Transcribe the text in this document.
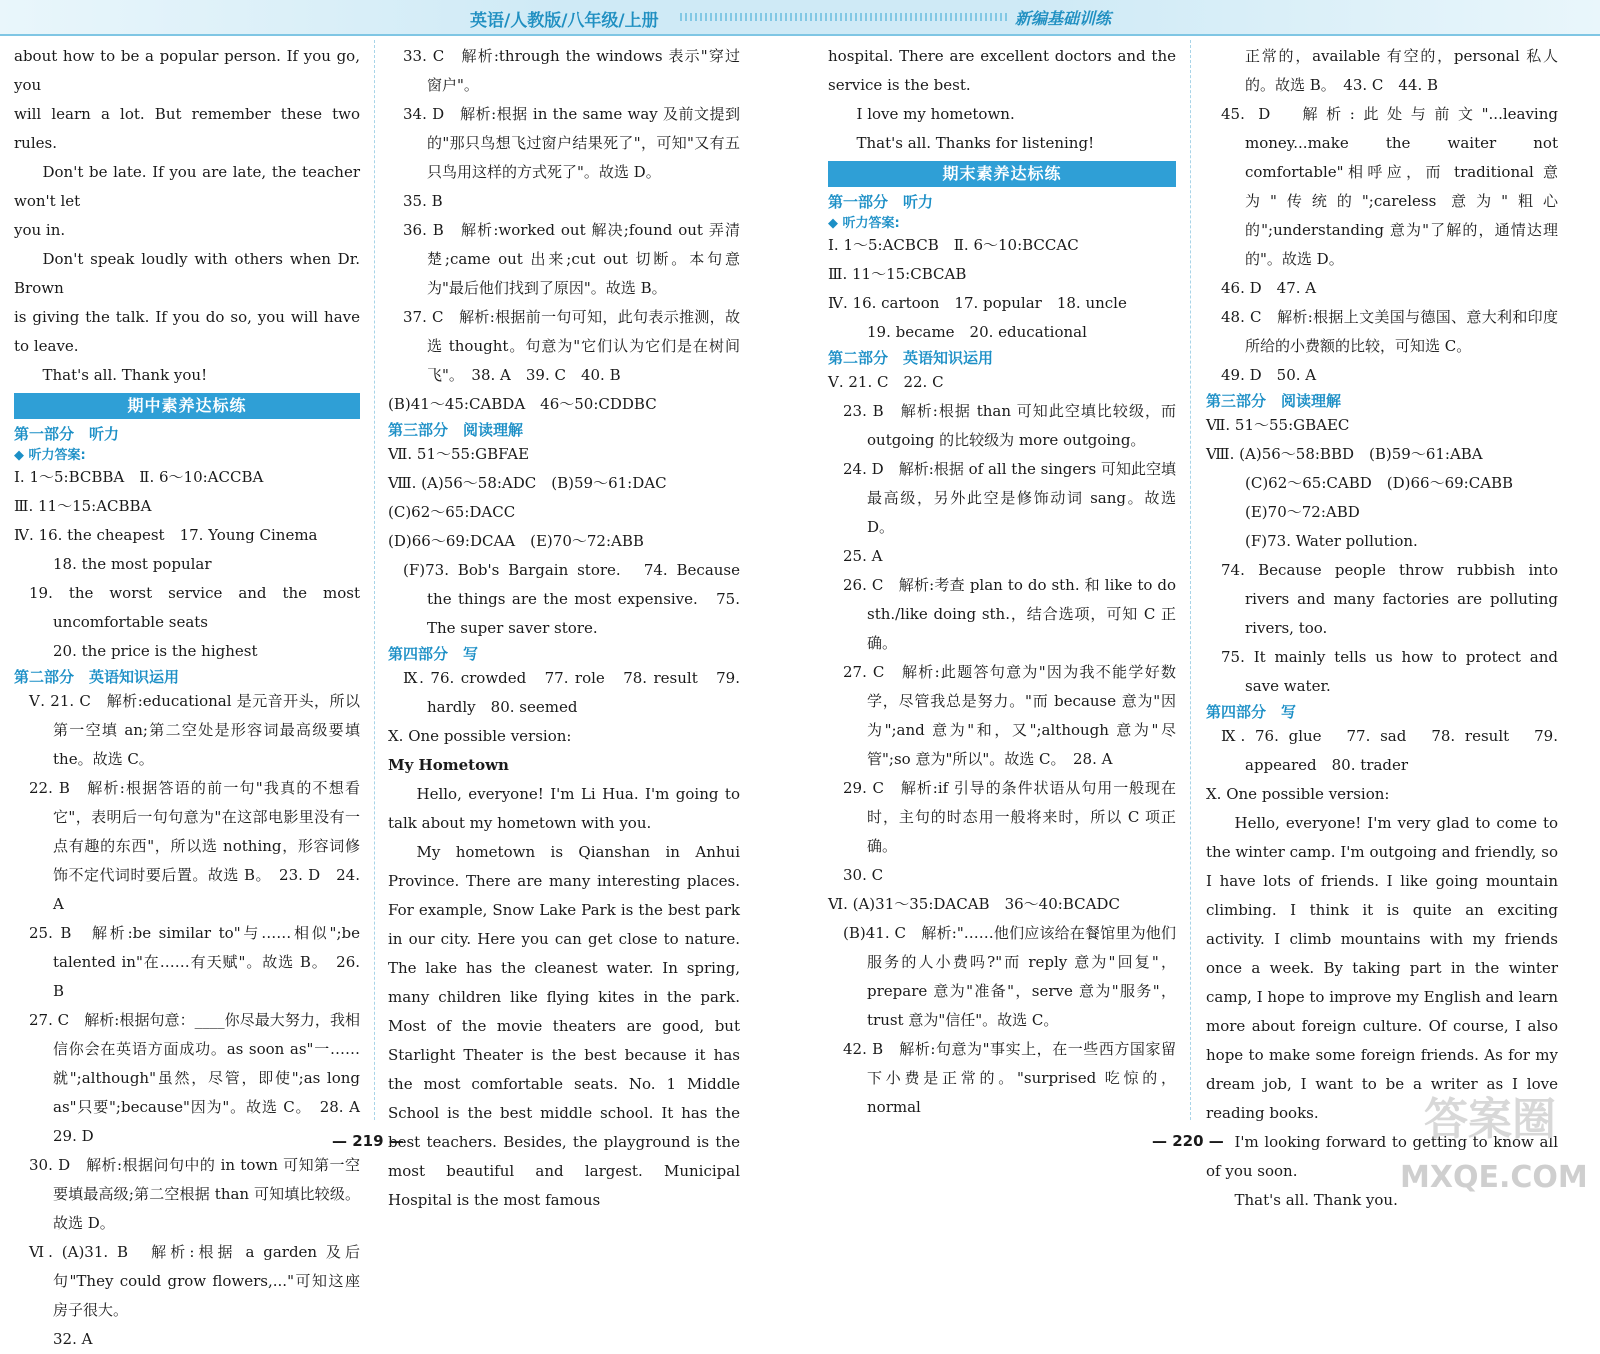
英语/人教版/八年级/上册	新编基础训练

about how to be a popular person. If you go, you

will learn a lot. But remember these two rules.

Don't be late. If you are late, the teacher won't let

you in.

Don't speak loudly with others when Dr. Brown

is giving the talk. If you do so, you will have to leave.

That's all. Thank you!

期中素养达标练

第一部分　听力

◆ 听力答案:

Ⅰ. 1～5:BCBBA　Ⅱ. 6～10:ACCBA

Ⅲ. 11～15:ACBBA

Ⅳ. 16. the cheapest　17. Young Cinema

18. the most popular

19. the worst service and the most uncomfortable seats

20. the price is the highest

第二部分　英语知识运用

Ⅴ. 21. C　解析:educational 是元音开头，所以第一空填 an;第二空处是形容词最高级要填 the。故选 C。

22. B　解析:根据答语的前一句"我真的不想看它"，表明后一句句意为"在这部电影里没有一点有趣的东西"，所以选 nothing，形容词修饰不定代词时要后置。故选 B。　23. D　24. A

25. B　解析:be similar to"与……相似";be talented in"在……有天赋"。故选 B。　26. B

27. C　解析:根据句意：____你尽最大努力，我相信你会在英语方面成功。as soon as"一……就";although"虽然，尽管，即使";as long as"只要";because"因为"。故选 C。　28. A　29. D

30. D　解析:根据问句中的 in town 可知第一空要填最高级;第二空根据 than 可知填比较级。故选 D。

Ⅵ. (A)31. B　解析:根据 a garden 及后句"They could grow flowers,..."可知这座房子很大。

32. A

33. C　解析:through the windows 表示"穿过窗户"。

34. D　解析:根据 in the same way 及前文提到的"那只鸟想飞过窗户结果死了"，可知"又有五只鸟用这样的方式死了"。故选 D。

35. B

36. B　解析:worked out 解决;found out 弄清楚;came out 出来;cut out 切断。本句意为"最后他们找到了原因"。故选 B。

37. C　解析:根据前一句可知，此句表示推测，故选 thought。句意为"它们认为它们是在树间飞"。　38. A　39. C　40. B

(B)41～45:CABDA　46～50:CDDBC

第三部分　阅读理解

Ⅶ. 51～55:GBFAE

Ⅷ. (A)56～58:ADC　(B)59～61:DAC

(C)62～65:DACC

(D)66～69:DCAA　(E)70～72:ABB

(F)73. Bob's Bargain store.　74. Because the things are the most expensive.　75. The super saver store.

第四部分　写

Ⅸ. 76. crowded　77. role　78. result　79. hardly　80. seemed

Ⅹ. One possible version:

My Hometown

Hello, everyone! I'm Li Hua. I'm going to talk about my hometown with you.

My hometown is Qianshan in Anhui Province. There are many interesting places. For example, Snow Lake Park is the best park in our city. Here you can get close to nature. The lake has the cleanest water. In spring, many children like flying kites in the park. Most of the movie theaters are good, but Starlight Theater is the best because it has the most comfortable seats. No. 1 Middle School is the best middle school. It has the best teachers. Besides, the playground is the most beautiful and largest. Municipal Hospital is the most famous

hospital. There are excellent doctors and the service is the best.

I love my hometown.

That's all. Thanks for listening!

期末素养达标练

第一部分　听力

◆ 听力答案:

Ⅰ. 1～5:ACBCB　Ⅱ. 6～10:BCCAC

Ⅲ. 11～15:CBCAB

Ⅳ. 16. cartoon　17. popular　18. uncle

19. became　20. educational

第二部分　英语知识运用

Ⅴ. 21. C　22. C

23. B　解析:根据 than 可知此空填比较级，而 outgoing 的比较级为 more outgoing。

24. D　解析:根据 of all the singers 可知此空填最高级，另外此空是修饰动词 sang。故选 D。

25. A

26. C　解析:考查 plan to do sth. 和 like to do sth./like doing sth.，结合选项，可知 C 正确。

27. C　解析:此题答句意为"因为我不能学好数学，尽管我总是努力。"而 because 意为"因为";and 意为"和，又";although 意为"尽管";so 意为"所以"。故选 C。　28. A

29. C　解析:if 引导的条件状语从句用一般现在时，主句的时态用一般将来时，所以 C 项正确。

30. C

Ⅵ. (A)31～35:DACAB　36～40:BCADC

(B)41. C　解析:"……他们应该给在餐馆里为他们服务的人小费吗?"而 reply 意为"回复"，prepare 意为"准备"，serve 意为"服务"，trust 意为"信任"。故选 C。

42. B　解析:句意为"事实上，在一些西方国家留下小费是正常的。"surprised 吃惊的，normal

正常的，available 有空的，personal 私人的。故选 B。　43. C　44. B

45. D　解析:此处与前文"...leaving money...make the waiter not comfortable"相呼应，而 traditional 意为"传统的";careless 意为"粗心的";understanding 意为"了解的，通情达理的"。故选 D。

46. D　47. A

48. C　解析:根据上文美国与德国、意大利和印度所给的小费额的比较，可知选 C。

49. D　50. A

第三部分　阅读理解

Ⅶ. 51～55:GBAEC

Ⅷ. (A)56～58:BBD　(B)59～61:ABA

(C)62～65:CABD　(D)66～69:CABB

(E)70～72:ABD

(F)73. Water pollution.

74. Because people throw rubbish into rivers and many factories are polluting rivers, too.

75. It mainly tells us how to protect and save water.

第四部分　写

Ⅸ. 76. glue　77. sad　78. result　79. appeared　80. trader

Ⅹ. One possible version:

Hello, everyone! I'm very glad to come to the winter camp. I'm outgoing and friendly, so I have lots of friends. I like going mountain climbing. I think it is quite an exciting activity. I climb mountains with my friends once a week. By taking part in the winter camp, I hope to improve my English and learn more about foreign culture. Of course, I also hope to make some foreign friends. As for my dream job, I want to be a writer as I love reading books.

I'm looking forward to getting to know all of you soon.

That's all. Thank you.

— 219 —	— 220 —	答案圈
MXQE.COM
